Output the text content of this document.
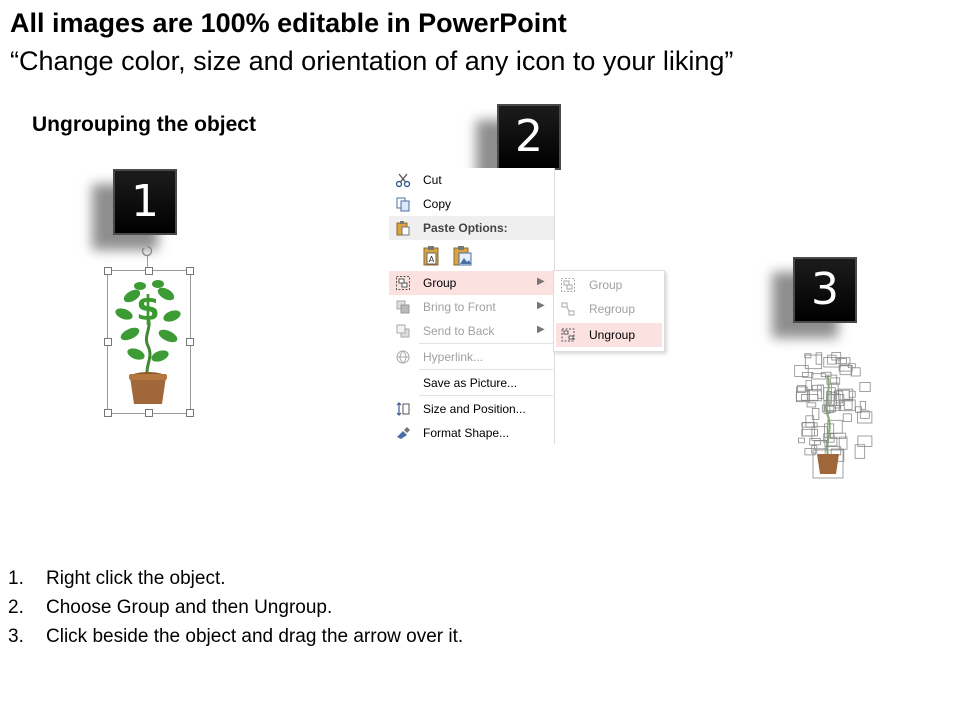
All images are 100% editable in PowerPoint
“Change color, size and orientation of any icon to your liking”
Ungrouping the object
1
2
3
$
Cut
Copy
Paste Options:
A
Group	▶
Bring to Front	▶
Send to Back	▶
Hyperlink...
Save as Picture...
Size and Position...
Format Shape...
Group
Regroup
Ungroup
1. Right click the object.
2. Choose Group and then Ungroup.
3. Click beside the object and drag the arrow over it.
